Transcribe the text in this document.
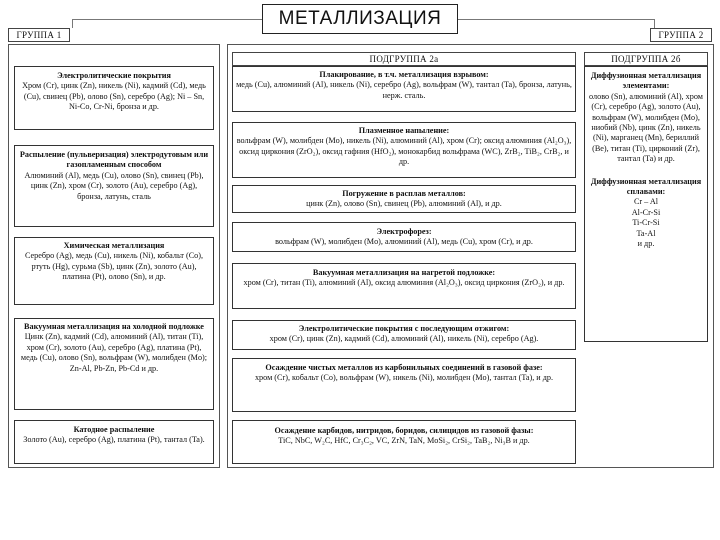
МЕТАЛЛИЗАЦИЯ
ГРУППА 1	ГРУППА 2
ПОДГРУППА 2а	ПОДГРУППА 2б
Электролитические покрытия
Хром (Cr), цинк (Zn), никель (Ni), кадмий (Cd), медь (Cu), свинец (Pb), олово (Sn), серебро (Ag); Ni – Sn, Ni-Co, Cr-Ni, бронза и др.
Распыление (пульверизация) электродутовым или газопламенным способом
Алюминий (Al), медь (Cu), олово (Sn), свинец (Pb), цинк (Zn), хром (Cr), золото (Au), серебро (Ag), бронза, латунь, сталь
Химическая металлизация
Серебро (Ag), медь (Cu), никель (Ni), кобальт (Co), ртуть (Hg), сурьма (Sb), цинк (Zn), золото (Au), платина (Pt), олово (Sn), и др.
Вакуумная металлизация на холодной подложке
Цинк (Zn), кадмий (Cd), алюминий (Al), титан (Ti), хром (Cr), золото (Au), серебро (Ag), платина (Pt), медь (Cu), олово (Sn), вольфрам (W), молибден (Mo); Zn-Al, Pb-Zn, Pb-Cd и др.
Катодное распыление
Золото (Au), серебро (Ag), платина (Pt), тантал (Ta).
Плакирование, в т.ч. металлизация взрывом:
медь (Cu), алюминий (Al), никель (Ni), серебро (Ag), вольфрам (W), тантал (Ta), бронза, латунь, нерж. сталь.
Плазменное напыление:
вольфрам (W), молибден (Mo), никель (Ni), алюминий (Al), хром (Cr); оксид алюминия (Al₂O₃), оксид циркония (ZrO₂), оксид гафния (HfO₂), монокарбид вольфрама (WC), ZrB₂, TiB₂, CrB₂, и др.
Погружение в расплав металлов:
цинк (Zn), олово (Sn), свинец (Pb), алюминий (Al), и др.
Электрофорез:
вольфрам (W), молибден (Mo), алюминий (Al), медь (Cu), хром (Cr), и др.
Вакуумная металлизация на нагретой подложке:
хром (Cr), титан (Ti), алюминий (Al), оксид алюминия (Al₂O₃), оксид циркония (ZrO₂), и др.
Электролитические покрытия с последующим отжигом:
хром (Cr), цинк (Zn), кадмий (Cd), алюминий (Al), никель (Ni), серебро (Ag).
Осаждение чистых металлов из карбонильных соединений в газовой фазе:
хром (Cr), кобальт (Co), вольфрам (W), никель (Ni), молибден (Mo), тантал (Ta), и др.
Осаждение карбидов, нитридов, боридов, силицидов из газовой фазы:
TiC, NbC, W₂C, HfC, Cr₃C₂, VC, ZrN, TaN, MoSi₂, CrSi₂, TaB₂, Ni₃B и др.
Диффузионная металлизация элементами:
олово (Sn), алюминий (Al), хром (Cr), серебро (Ag), золото (Au), вольфрам (W), молибден (Mo), ниобий (Nb), цинк (Zn), никель (Ni), марганец (Mn), бериллий (Be), титан (Ti), цирконий (Zr), тантал (Ta) и др.
Диффузионная металлизация сплавами:
Cr – Al
Al-Cr-Si
Ti-Cr-Si
Ta-Al
и др.
